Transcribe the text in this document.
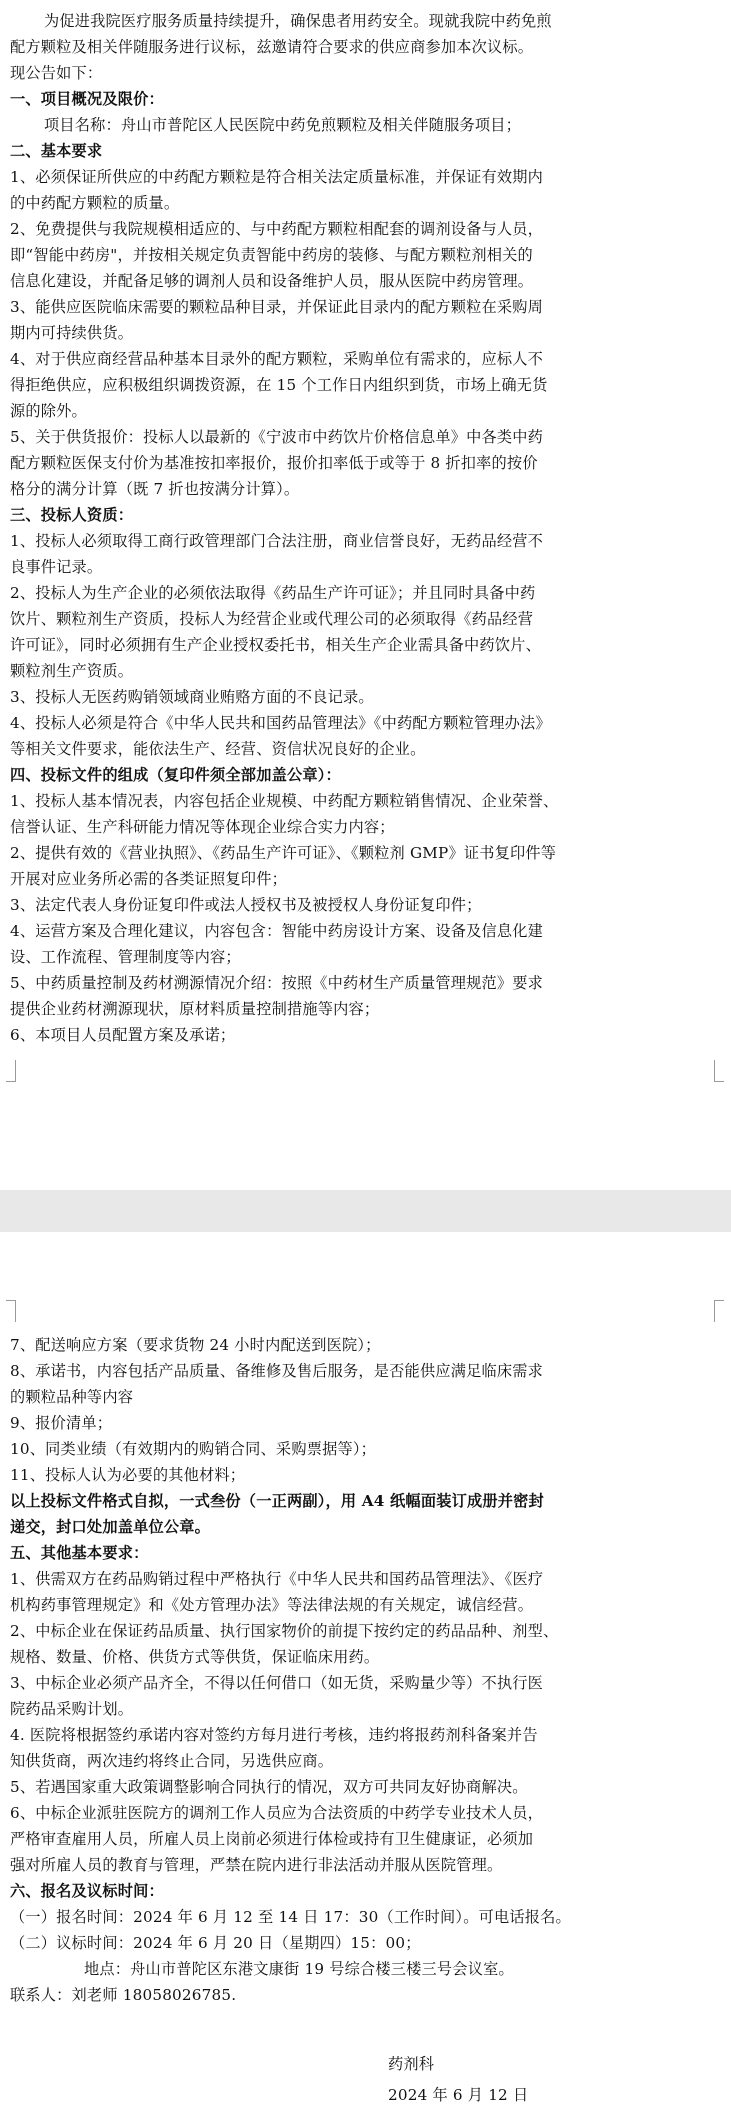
为促进我院医疗服务质量持续提升，确保患者用药安全。现就我院中药免煎
配方颗粒及相关伴随服务进行议标，兹邀请符合要求的供应商参加本次议标。
现公告如下：
一、项目概况及限价：
项目名称：舟山市普陀区人民医院中药免煎颗粒及相关伴随服务项目；
二、基本要求
1、必须保证所供应的中药配方颗粒是符合相关法定质量标准，并保证有效期内
的中药配方颗粒的质量。
2、免费提供与我院规模相适应的、与中药配方颗粒相配套的调剂设备与人员，
即“智能中药房"，并按相关规定负责智能中药房的装修、与配方颗粒剂相关的
信息化建设，并配备足够的调剂人员和设备维护人员，服从医院中药房管理。
3、能供应医院临床需要的颗粒品种目录，并保证此目录内的配方颗粒在采购周
期内可持续供货。
4、对于供应商经营品种基本目录外的配方颗粒，采购单位有需求的，应标人不
得拒绝供应，应积极组织调拨资源，在 15 个工作日内组织到货，市场上确无货
源的除外。
5、关于供货报价：投标人以最新的《宁波市中药饮片价格信息单》中各类中药
配方颗粒医保支付价为基准按扣率报价，报价扣率低于或等于 8 折扣率的按价
格分的满分计算（既 7 折也按满分计算）。
三、投标人资质：
1、投标人必须取得工商行政管理部门合法注册，商业信誉良好，无药品经营不
良事件记录。
2、投标人为生产企业的必须依法取得《药品生产许可证》；并且同时具备中药
饮片、颗粒剂生产资质，投标人为经营企业或代理公司的必须取得《药品经营
许可证》，同时必须拥有生产企业授权委托书，相关生产企业需具备中药饮片、
颗粒剂生产资质。
3、投标人无医药购销领域商业贿赂方面的不良记录。
4、投标人必须是符合《中华人民共和国药品管理法》《中药配方颗粒管理办法》
等相关文件要求，能依法生产、经营、资信状况良好的企业。
四、投标文件的组成（复印件须全部加盖公章）：
1、投标人基本情况表，内容包括企业规模、中药配方颗粒销售情况、企业荣誉、
信誉认证、生产科研能力情况等体现企业综合实力内容；
2、提供有效的《营业执照》、《药品生产许可证》、《颗粒剂 GMP》证书复印件等
开展对应业务所必需的各类证照复印件；
3、法定代表人身份证复印件或法人授权书及被授权人身份证复印件；
4、运营方案及合理化建议，内容包含：智能中药房设计方案、设备及信息化建
设、工作流程、管理制度等内容；
5、中药质量控制及药材溯源情况介绍：按照《中药材生产质量管理规范》要求
提供企业药材溯源现状，原材料质量控制措施等内容；
6、本项目人员配置方案及承诺；
7、配送响应方案（要求货物 24 小时内配送到医院）；
8、承诺书，内容包括产品质量、备维修及售后服务，是否能供应满足临床需求
的颗粒品种等内容
9、报价清单；
10、同类业绩（有效期内的购销合同、采购票据等）；
11、投标人认为必要的其他材料；
以上投标文件格式自拟，一式叁份（一正两副），用 A4 纸幅面装订成册并密封
递交，封口处加盖单位公章。
五、其他基本要求：
1、供需双方在药品购销过程中严格执行《中华人民共和国药品管理法》、《医疗
机构药事管理规定》和《处方管理办法》等法律法规的有关规定，诚信经营。
2、中标企业在保证药品质量、执行国家物价的前提下按约定的药品品种、剂型、
规格、数量、价格、供货方式等供货，保证临床用药。
3、中标企业必须产品齐全，不得以任何借口（如无货，采购量少等）不执行医
院药品采购计划。
4. 医院将根据签约承诺内容对签约方每月进行考核，违约将报药剂科备案并告
知供货商，两次违约将终止合同，另选供应商。
5、若遇国家重大政策调整影响合同执行的情况，双方可共同友好协商解决。
6、中标企业派驻医院方的调剂工作人员应为合法资质的中药学专业技术人员，
严格审查雇用人员，所雇人员上岗前必须进行体检或持有卫生健康证，必须加
强对所雇人员的教育与管理，严禁在院内进行非法活动并服从医院管理。
六、报名及议标时间：
（一）报名时间：2024 年 6 月 12 至 14 日 17：30（工作时间）。可电话报名。
（二）议标时间：2024 年 6 月 20 日（星期四）15：00；
地点：舟山市普陀区东港文康街 19 号综合楼三楼三号会议室。
联系人：刘老师 18058026785.
药剂科
2024 年 6 月 12 日
